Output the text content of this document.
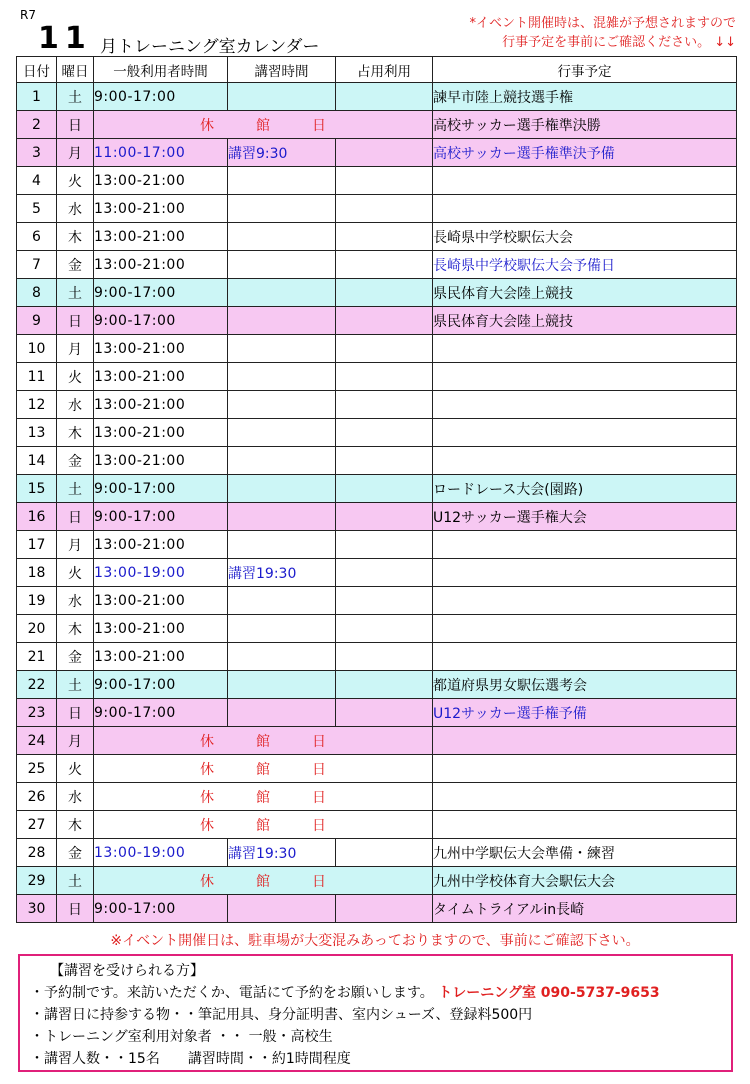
R7
11 月トレーニング室カレンダー
*イベント開催時は、混雑が予想されますので
行事予定を事前にご確認ください。 ↓↓
日付	曜日	一般利用者時間	講習時間	占用利用	行事予定
1	土	9:00-17:00			諫早市陸上競技選手権
2	日	休 館 日			高校サッカー選手権準決勝
3	月	11:00-17:00	講習9:30		高校サッカー選手権準決予備
4	火	13:00-21:00			
5	水	13:00-21:00			
6	木	13:00-21:00			長崎県中学校駅伝大会
7	金	13:00-21:00			長崎県中学校駅伝大会予備日
8	土	9:00-17:00			県民体育大会陸上競技
9	日	9:00-17:00			県民体育大会陸上競技
10	月	13:00-21:00			
11	火	13:00-21:00			
12	水	13:00-21:00			
13	木	13:00-21:00			
14	金	13:00-21:00			
15	土	9:00-17:00			ロードレース大会(園路)
16	日	9:00-17:00			U12サッカー選手権大会
17	月	13:00-21:00			
18	火	13:00-19:00	講習19:30		
19	水	13:00-21:00			
20	木	13:00-21:00			
21	金	13:00-21:00			
22	土	9:00-17:00			都道府県男女駅伝選考会
23	日	9:00-17:00			U12サッカー選手権予備
24	月	休 館 日			
25	火	休 館 日			
26	水	休 館 日			
27	木	休 館 日			
28	金	13:00-19:00	講習19:30		九州中学駅伝大会準備・練習
29	土	休 館 日			九州中学校体育大会駅伝大会
30	日	9:00-17:00			タイムトライアルin長崎
※イベント開催日は、駐車場が大変混みあっておりますので、事前にご確認下さい。
【講習を受けられる方】
・予約制です。来訪いただくか、電話にて予約をお願いします。 トレーニング室 090-5737-9653
・講習日に持参する物・・筆記用具、身分証明書、室内シューズ、登録料500円
・トレーニング室利用対象者 ・・ 一般・高校生
・講習人数・・15名　　講習時間・・約1時間程度
